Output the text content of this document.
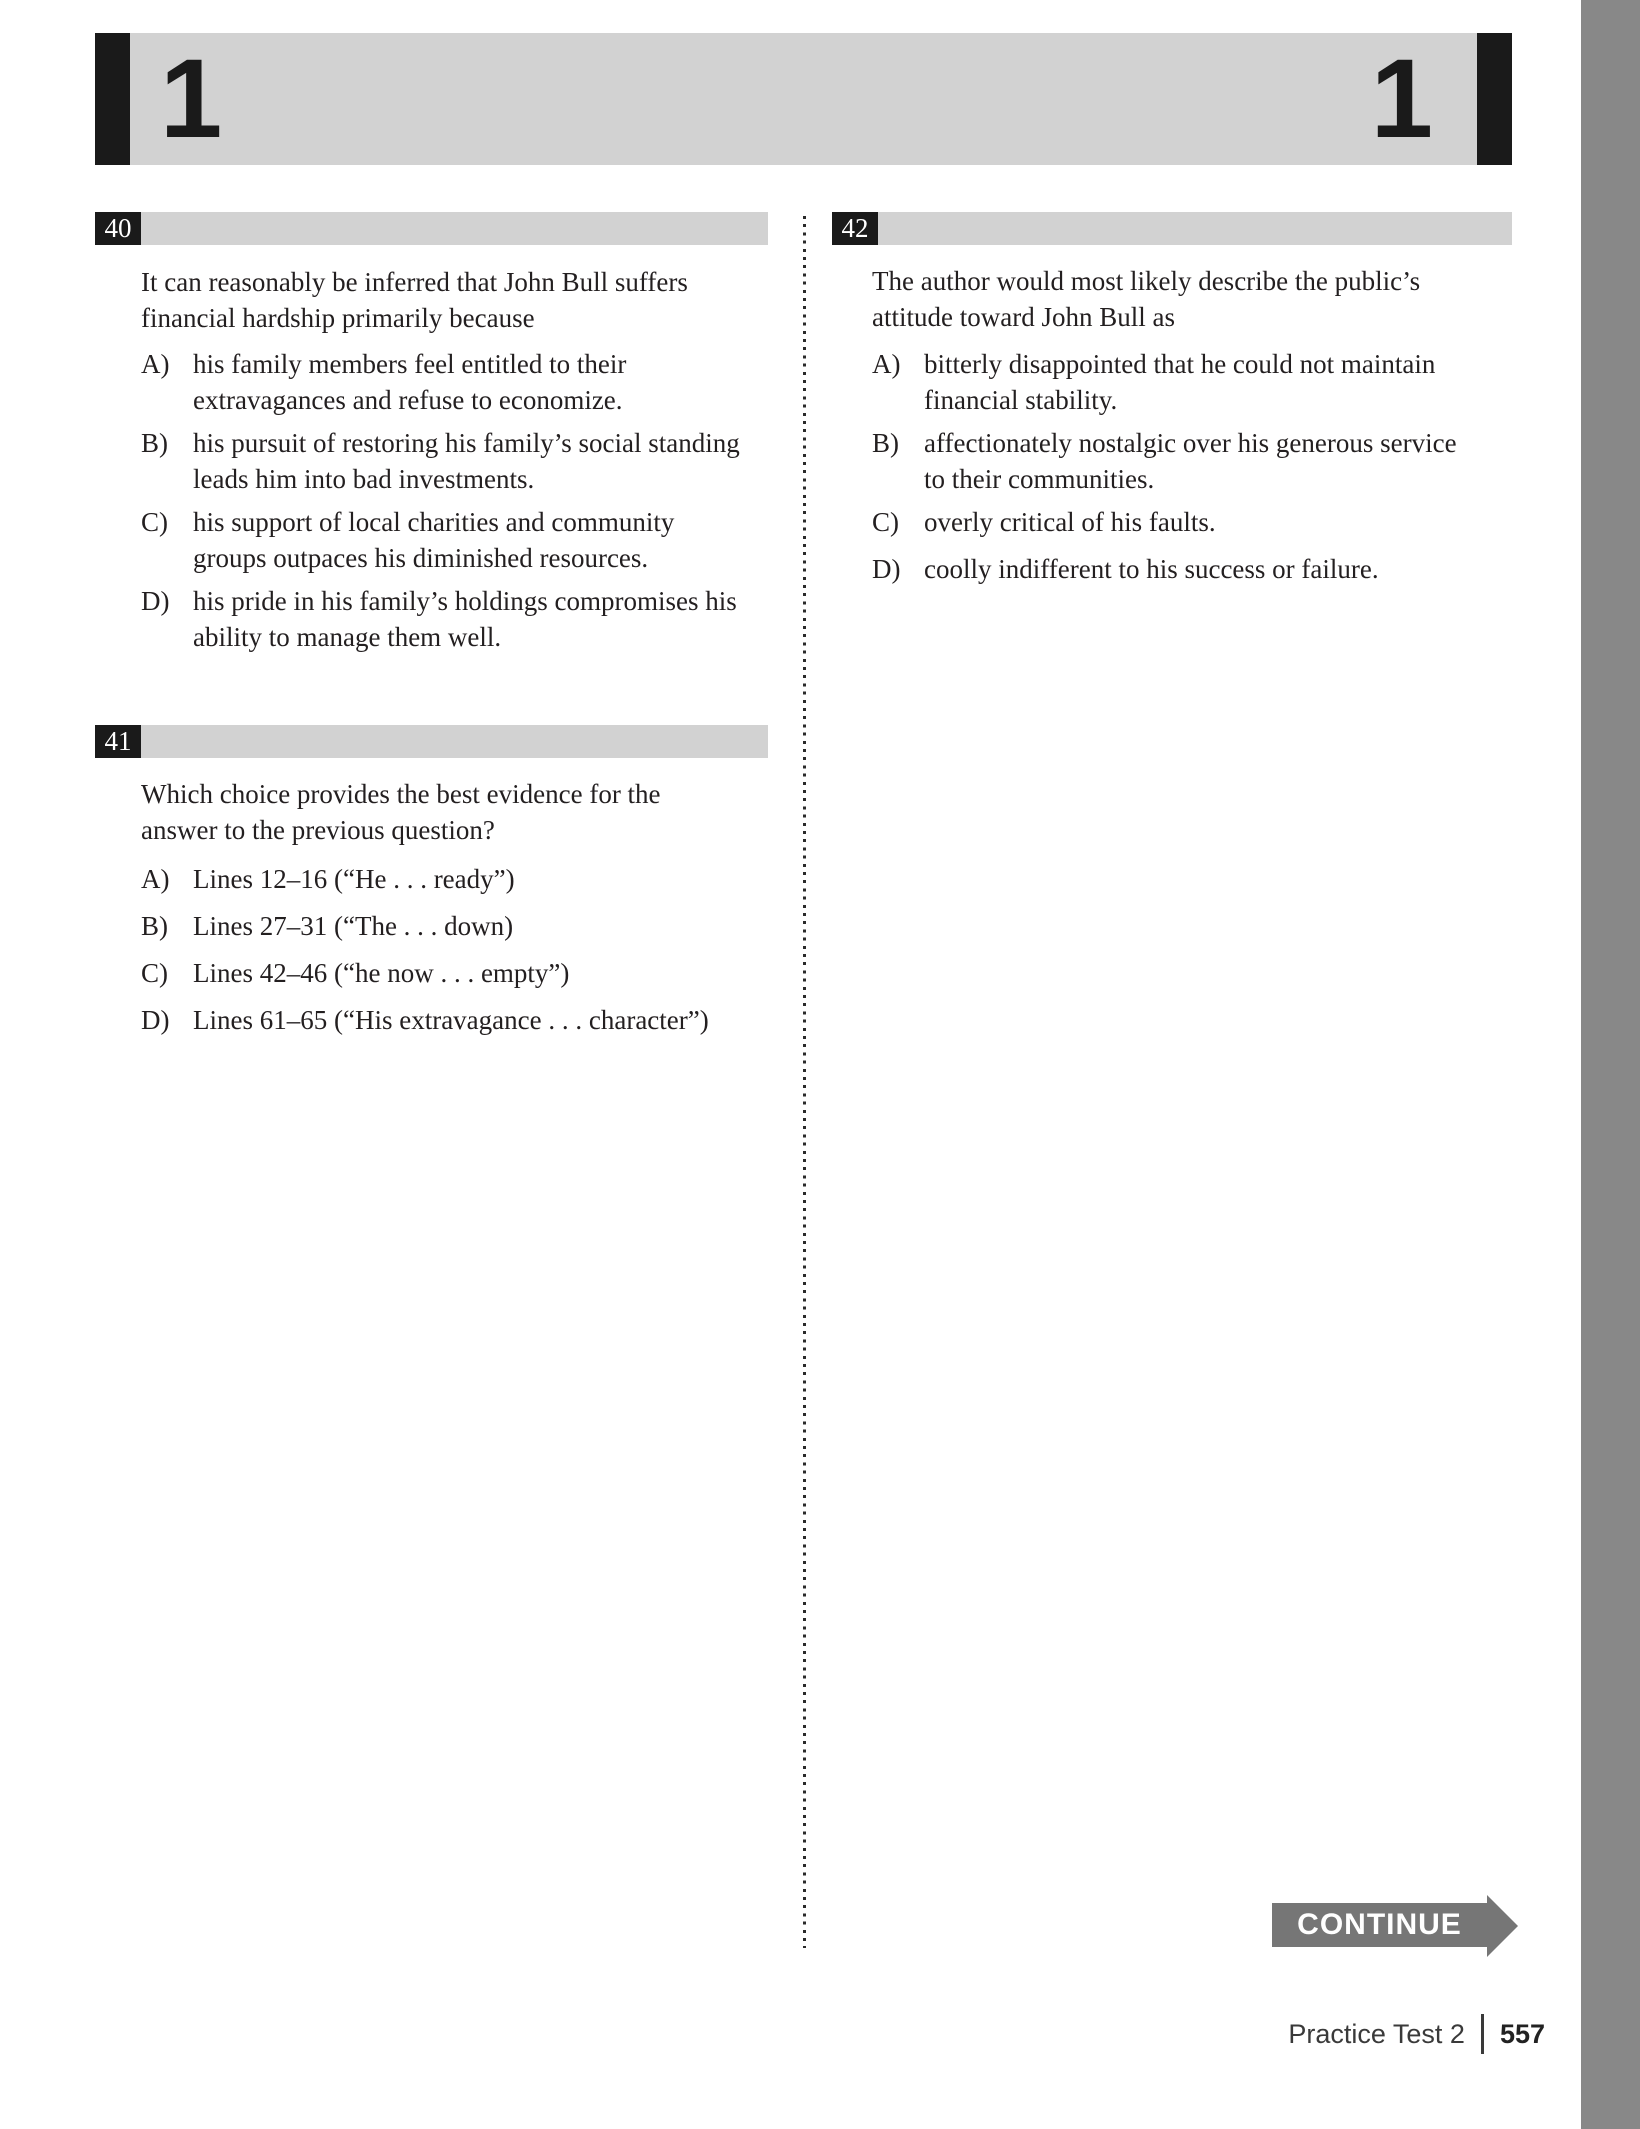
1	1
40

It can reasonably be inferred that John Bull suffers
financial hardship primarily because

A) his family members feel entitled to their
extravagances and refuse to economize.
B) his pursuit of restoring his family’s social standing
leads him into bad investments.
C) his support of local charities and community
groups outpaces his diminished resources.
D) his pride in his family’s holdings compromises his
ability to manage them well.
41

Which choice provides the best evidence for the
answer to the previous question?

A) Lines 12–16 (“He . . . ready”)
B) Lines 27–31 (“The . . . down)
C) Lines 42–46 (“he now . . . empty”)
D) Lines 61–65 (“His extravagance . . . character”)
42

The author would most likely describe the public’s
attitude toward John Bull as

A) bitterly disappointed that he could not maintain
financial stability.
B) affectionately nostalgic over his generous service
to their communities.
C) overly critical of his faults.
D) coolly indifferent to his success or failure.
CONTINUE
Practice Test 2 557
